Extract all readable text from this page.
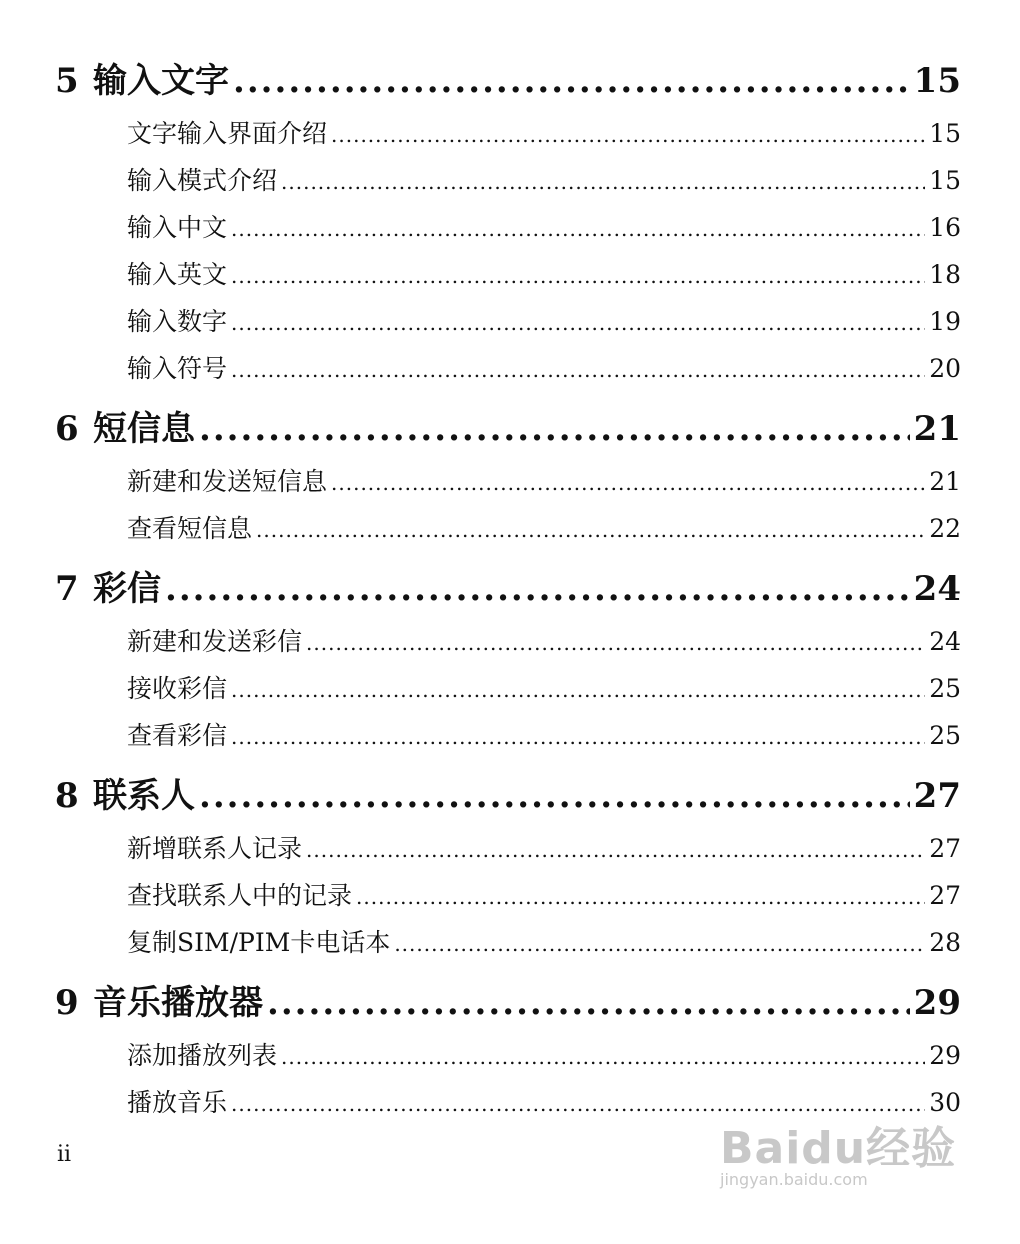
5 输入文字 .....	15
文字输入界面介绍 .....	15
输入模式介绍 .....	15
输入中文 .....	16
输入英文 .....	18
输入数字 .....	19
输入符号 .....	20
6 短信息 .....	21
新建和发送短信息 .....	21
查看短信息 .....	22
7 彩信 .....	24
新建和发送彩信 .....	24
接收彩信 .....	25
查看彩信 .....	25
8 联系人 .....	27
新增联系人记录 .....	27
查找联系人中的记录 .....	27
复制SIM/PIM卡电话本 .....	28
9 音乐播放器 .....	29
添加播放列表 .....	29
播放音乐 .....	30
ii	Baidu经验
jingyan.baidu.com
